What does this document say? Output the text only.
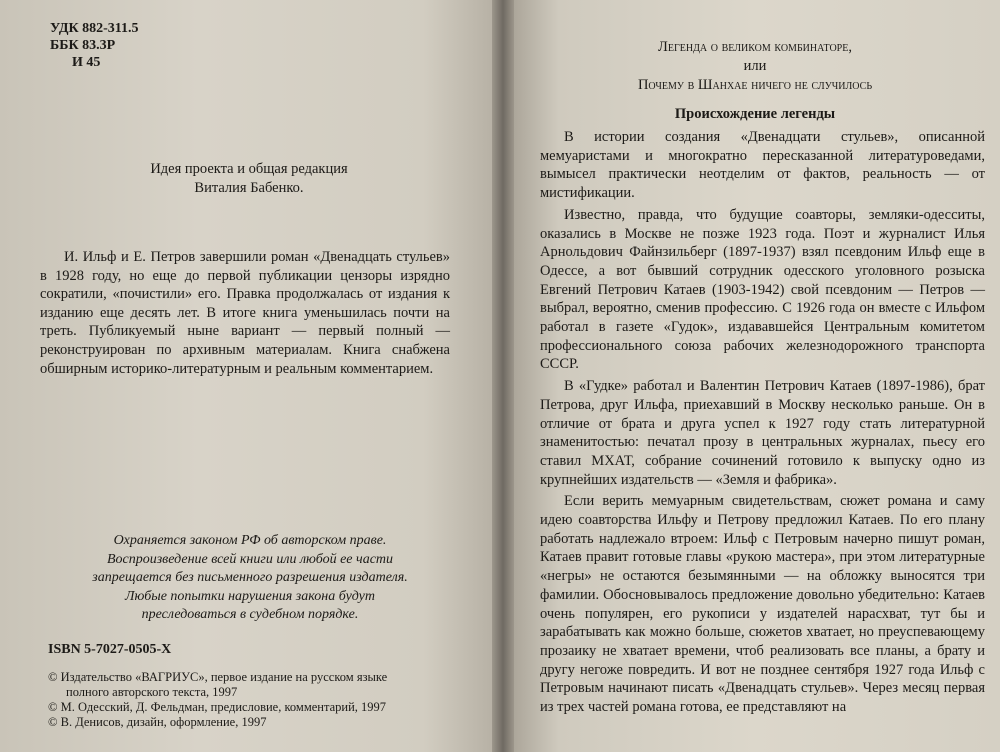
УДК 882-311.5
ББК 83.3Р
И 45
Идея проекта и общая редакция
Виталия Бабенко.

И. Ильф и Е. Петров завершили роман «Двенадцать стульев» в 1928 году, но еще до первой публикации цензоры изрядно сократили, «почистили» его. Правка продолжалась от издания к изданию еще десять лет. В итоге книга уменьшилась почти на треть. Публикуемый ныне вариант — первый полный — реконструирован по архивным материалам. Книга снабжена обширным историко-литературным и реальным комментарием.

Охраняется законом РФ об авторском праве.
Воспроизведение всей книги или любой ее части
запрещается без письменного разрешения издателя.
Любые попытки нарушения закона будут
преследоваться в судебном порядке.
ISBN 5-7027-0505-X
© Издательство «ВАГРИУС», первое издание на русском языке
полного авторского текста, 1997
© М. Одесский, Д. Фельдман, предисловие, комментарий, 1997
© В. Денисов, дизайн, оформление, 1997
Легенда о великом комбинаторе,
или
Почему в Шанхае ничего не случилось
Происхождение легенды

В истории создания «Двенадцати стульев», описанной мемуаристами и многократно пересказанной литературоведами, вымысел практически неотделим от фактов, реальность — от мистификации.

Известно, правда, что будущие соавторы, земляки-одесситы, оказались в Москве не позже 1923 года. Поэт и журналист Илья Арнольдович Файнзильберг (1897-1937) взял псевдоним Ильф еще в Одессе, а вот бывший сотрудник одесского уголовного розыска Евгений Петрович Катаев (1903-1942) свой псевдоним — Петров — выбрал, вероятно, сменив профессию. С 1926 года он вместе с Ильфом работал в газете «Гудок», издававшейся Центральным комитетом профессионального союза рабочих железнодорожного транспорта СССР.

В «Гудке» работал и Валентин Петрович Катаев (1897-1986), брат Петрова, друг Ильфа, приехавший в Москву несколько раньше. Он в отличие от брата и друга успел к 1927 году стать литературной знаменитостью: печатал прозу в центральных журналах, пьесу его ставил МХАТ, собрание сочинений готовило к выпуску одно из крупнейших издательств — «Земля и фабрика».

Если верить мемуарным свидетельствам, сюжет романа и саму идею соавторства Ильфу и Петрову предложил Катаев. По его плану работать надлежало втроем: Ильф с Петровым начерно пишут роман, Катаев правит готовые главы «рукою мастера», при этом литературные «негры» не остаются безымянными — на обложку выносятся три фамилии. Обосновывалось предложение довольно убедительно: Катаев очень популярен, его рукописи у издателей нарасхват, тут бы и зарабатывать как можно больше, сюжетов хватает, но преуспевающему прозаику не хватает времени, чтоб реализовать все планы, а брату и другу негоже повредить. И вот не позднее сентября 1927 года Ильф с Петровым начинают писать «Двенадцать стульев». Через месяц первая из трех частей романа готова, ее представляют на
